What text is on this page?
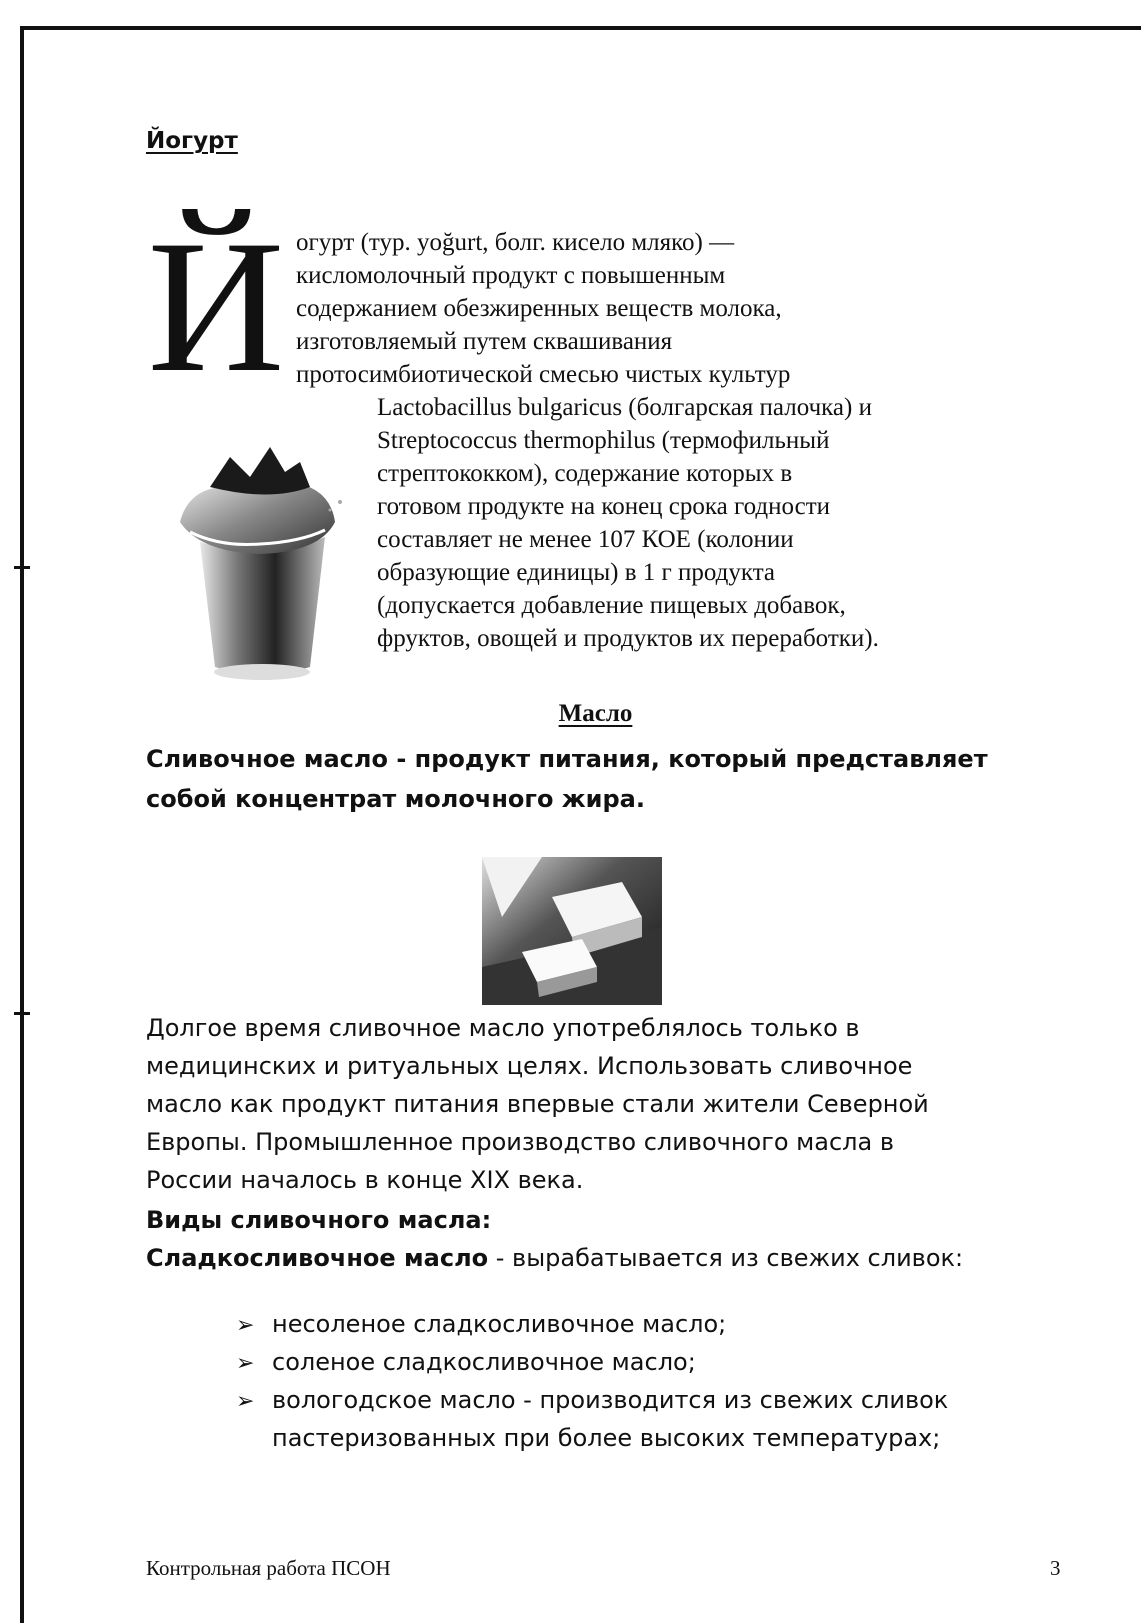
Йогурт
Й огурт (тур. yoğurt, болг. кисело мляко) —
кисломолочный продукт с повышенным
содержанием обезжиренных веществ молока,
изготовляемый путем сквашивания
протосимбиотической смесью чистых культур
Lactobacillus bulgaricus (болгарская палочка) и
Streptococcus thermophilus (термофильный
стрептококком), содержание которых в
готовом продукте на конец срока годности
составляет не менее 107 КОЕ (колонии
образующие единицы) в 1 г продукта
(допускается добавление пищевых добавок,
фруктов, овощей и продуктов их переработки).
Масло
Сливочное масло - продукт питания, который представляет
собой концентрат молочного жира.
Долгое время сливочное масло употреблялось только в
медицинских и ритуальных целях. Использовать сливочное
масло как продукт питания впервые стали жители Северной
Европы. Промышленное производство сливочного масла в
России началось в конце XIX века.
Виды сливочного масла:
Сладкосливочное масло - вырабатывается из свежих сливок:
➢ несоленое сладкосливочное масло;
➢ соленое сладкосливочное масло;
➢ вологодское масло - производится из свежих сливок
пастеризованных при более высоких температурах;
Контрольная работа ПСОН	3
